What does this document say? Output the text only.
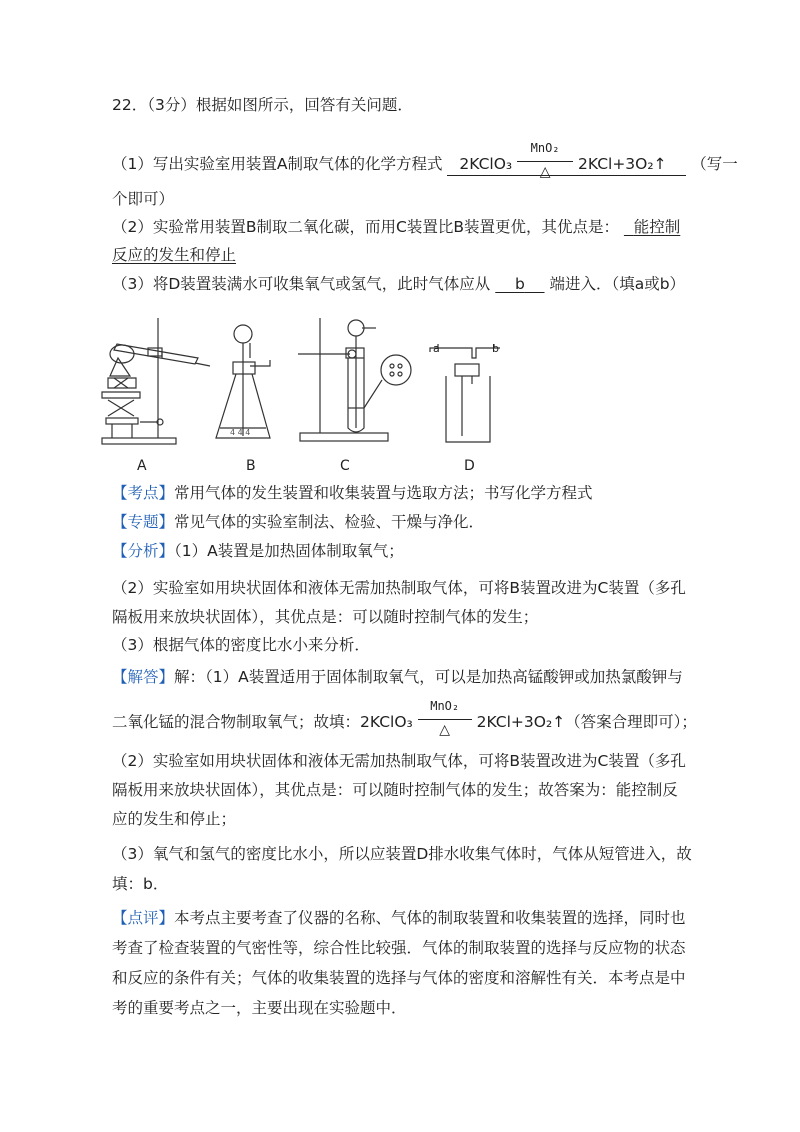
22．（3分）根据如图所示，回答有关问题．
（1）写出实验室用装置A制取气体的化学方程式 2KClO₃
MnO₂
△ 2KCl+3O₂↑ （写一
个即可）
（2）实验常用装置B制取二氧化碳，而用C装置比B装置更优，其优点是： 能控制
反应的发生和停止
（3）将D装置装满水可收集氧气或氢气，此时气体应从 b 端进入．（填a或b）
4 4 4
a	b
A	B	C	D
【考点】常用气体的发生装置和收集装置与选取方法；书写化学方程式
【专题】常见气体的实验室制法、检验、干燥与净化．
【分析】（1）A装置是加热固体制取氧气；
（2）实验室如用块状固体和液体无需加热制取气体，可将B装置改进为C装置（多孔
隔板用来放块状固体），其优点是：可以随时控制气体的发生；
（3）根据气体的密度比水小来分析．
【解答】解：（1）A装置适用于固体制取氧气，可以是加热高锰酸钾或加热氯酸钾与
二氧化锰的混合物制取氧气；故填：2KClO₃
MnO₂
△ 2KCl+3O₂↑（答案合理即可）；
（2）实验室如用块状固体和液体无需加热制取气体，可将B装置改进为C装置（多孔
隔板用来放块状固体），其优点是：可以随时控制气体的发生；故答案为：能控制反
应的发生和停止；
（3）氧气和氢气的密度比水小，所以应装置D排水收集气体时，气体从短管进入，故
填：b．
【点评】本考点主要考查了仪器的名称、气体的制取装置和收集装置的选择，同时也
考查了检查装置的气密性等，综合性比较强．气体的制取装置的选择与反应物的状态
和反应的条件有关；气体的收集装置的选择与气体的密度和溶解性有关．本考点是中
考的重要考点之一，主要出现在实验题中．
